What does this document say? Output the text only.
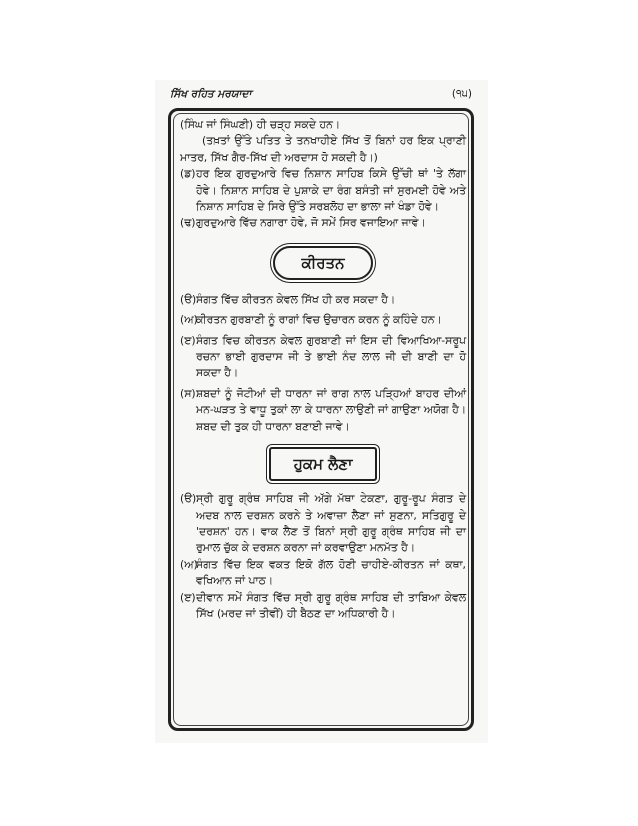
ਸਿੱਖ ਰਹਿਤ ਮਰਯਾਦਾ	(੧੫)

(ਸਿੰਘ ਜਾਂ ਸਿੰਘਣੀ) ਹੀ ਚੜ੍ਹ ਸਕਦੇ ਹਨ।

(ਤਖ਼ਤਾਂ ਉੱਤੇ ਪਤਿਤ ਤੇ ਤਨਖਾਹੀਏ ਸਿੱਖ ਤੋਂ ਬਿਨਾਂ ਹਰ ਇਕ ਪ੍ਰਾਣੀ ਮਾਤਰ, ਸਿੱਖ ਗੈਰ-ਸਿੱਖ ਦੀ ਅਰਦਾਸ ਹੋ ਸਕਦੀ ਹੈ।)

(ਡ) ਹਰ ਇਕ ਗੁਰਦੁਆਰੇ ਵਿਚ ਨਿਸ਼ਾਨ ਸਾਹਿਬ ਕਿਸੇ ਉੱਚੀ ਥਾਂ 'ਤੇ ਲੱਗਾ ਹੋਵੇ। ਨਿਸ਼ਾਨ ਸਾਹਿਬ ਦੇ ਪੁਸ਼ਾਕੇ ਦਾ ਰੰਗ ਬਸੰਤੀ ਜਾਂ ਸੁਰਮਈ ਹੋਵੇ ਅਤੇ ਨਿਸ਼ਾਨ ਸਾਹਿਬ ਦੇ ਸਿਰੇ ਉੱਤੇ ਸਰਬਲੋਹ ਦਾ ਭਾਲਾ ਜਾਂ ਖੰਡਾ ਹੋਵੇ।
(ਢ) ਗੁਰਦੁਆਰੇ ਵਿੱਚ ਨਗਾਰਾ ਹੋਵੇ, ਜੋ ਸਮੇਂ ਸਿਰ ਵਜਾਇਆ ਜਾਵੇ।
ਕੀਰਤਨ
(ੳ) ਸੰਗਤ ਵਿੱਚ ਕੀਰਤਨ ਕੇਵਲ ਸਿੱਖ ਹੀ ਕਰ ਸਕਦਾ ਹੈ।
(ਅ)
ਕੀਰਤਨ ਗੁਰਬਾਣੀ ਨੂੰ ਰਾਗਾਂ ਵਿਚ ਉਚਾਰਨ ਕਰਨ ਨੂੰ ਕਹਿੰਦੇ ਹਨ।
(ੲ) ਸੰਗਤ ਵਿਚ ਕੀਰਤਨ ਕੇਵਲ ਗੁਰਬਾਣੀ ਜਾਂ ਇਸ ਦੀ ਵਿਆਖਿਆ-ਸਰੂਪ ਰਚਨਾ ਭਾਈ ਗੁਰਦਾਸ ਜੀ ਤੇ ਭਾਈ ਨੰਦ ਲਾਲ ਜੀ ਦੀ ਬਾਣੀ ਦਾ ਹੋ ਸਕਦਾ ਹੈ।
(ਸ) ਸ਼ਬਦਾਂ ਨੂੰ ਜੋਟੀਆਂ ਦੀ ਧਾਰਨਾ ਜਾਂ ਰਾਗ ਨਾਲ ਪੜ੍ਹਿਆਂ ਬਾਹਰ ਦੀਆਂ ਮਨ-ਘੜਤ ਤੇ ਵਾਧੂ ਤੁਕਾਂ ਲਾ ਕੇ ਧਾਰਨਾ ਲਾਉਣੀ ਜਾਂ ਗਾਉਣਾ ਅਯੋਗ ਹੈ। ਸ਼ਬਦ ਦੀ ਤੁਕ ਹੀ ਧਾਰਨਾ ਬਣਾਈ ਜਾਵੇ।
ਹੁਕਮ ਲੈਣਾ
(ੳ) ਸ੍ਰੀ ਗੁਰੂ ਗ੍ਰੰਥ ਸਾਹਿਬ ਜੀ ਅੱਗੇ ਮੱਥਾ ਟੇਕਣਾ, ਗੁਰੂ-ਰੂਪ ਸੰਗਤ ਦੇ ਅਦਬ ਨਾਲ ਦਰਸ਼ਨ ਕਰਨੇ ਤੇ ਅਵਾਜ਼ਾ ਲੈਣਾ ਜਾਂ ਸੁਣਨਾ, ਸਤਿਗੁਰੂ ਦੇ 'ਦਰਸ਼ਨ' ਹਨ। ਵਾਕ ਲੈਣ ਤੋਂ ਬਿਨਾਂ ਸ੍ਰੀ ਗੁਰੂ ਗ੍ਰੰਥ ਸਾਹਿਬ ਜੀ ਦਾ ਰੁਮਾਲ ਚੁੱਕ ਕੇ ਦਰਸ਼ਨ ਕਰਨਾ ਜਾਂ ਕਰਵਾਉਣਾ ਮਨਮੱਤ ਹੈ।
(ਅ)
ਸੰਗਤ ਵਿੱਚ ਇਕ ਵਕਤ ਇਕੋ ਗੱਲ ਹੋਣੀ ਚਾਹੀਏ-ਕੀਰਤਨ ਜਾਂ ਕਥਾ, ਵਖਿਆਨ ਜਾਂ ਪਾਠ।
(ੲ) ਦੀਵਾਨ ਸਮੇਂ ਸੰਗਤ ਵਿੱਚ ਸ੍ਰੀ ਗੁਰੂ ਗ੍ਰੰਥ ਸਾਹਿਬ ਦੀ ਤਾਬਿਆ ਕੇਵਲ ਸਿੱਖ (ਮਰਦ ਜਾਂ ਤੀਵੀਂ) ਹੀ ਬੈਠਣ ਦਾ ਅਧਿਕਾਰੀ ਹੈ।
